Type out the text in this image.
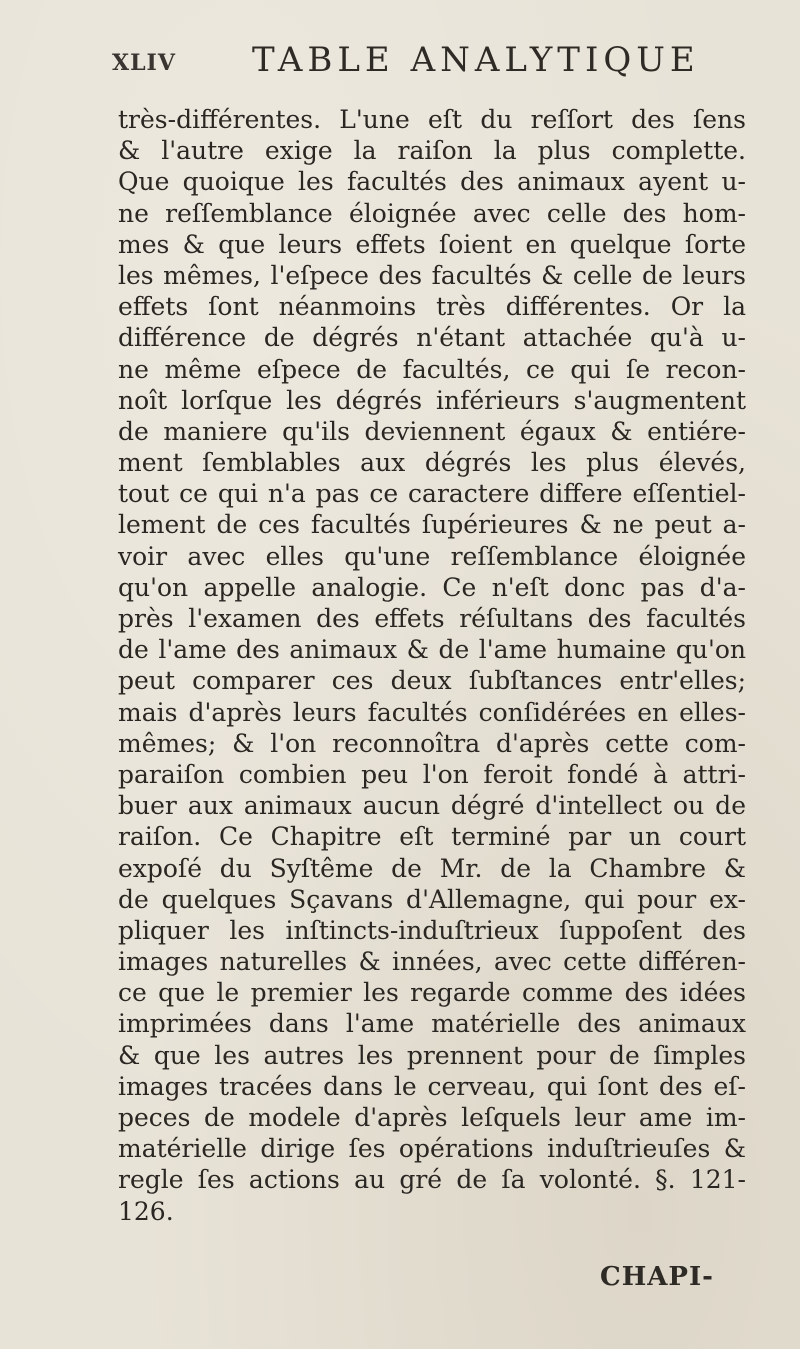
XLIV TABLE ANALYTIQUE
très-différentes. L'une eſt du reſſort des ſens
& l'autre exige la raiſon la plus complette.
Que quoique les facultés des animaux ayent u-
ne reſſemblance éloignée avec celle des hom-
mes & que leurs effets ſoient en quelque ſorte
les mêmes, l'eſpece des facultés & celle de leurs
effets ſont néanmoins très différentes. Or la
différence de dégrés n'étant attachée qu'à u-
ne même eſpece de facultés, ce qui ſe recon-
noît lorſque les dégrés inférieurs s'augmentent
de maniere qu'ils deviennent égaux & entiére-
ment ſemblables aux dégrés les plus élevés,
tout ce qui n'a pas ce caractere differe eſſentiel-
lement de ces facultés ſupérieures & ne peut a-
voir avec elles qu'une reſſemblance éloignée
qu'on appelle analogie. Ce n'eſt donc pas d'a-
près l'examen des effets réſultans des facultés
de l'ame des animaux & de l'ame humaine qu'on
peut comparer ces deux ſubſtances entr'elles;
mais d'après leurs facultés conſidérées en elles-
mêmes; & l'on reconnoîtra d'après cette com-
paraiſon combien peu l'on feroit fondé à attri-
buer aux animaux aucun dégré d'intellect ou de
raiſon. Ce Chapitre eſt terminé par un court
expoſé du Syſtême de Mr. de la Chambre &
de quelques Sçavans d'Allemagne, qui pour ex-
pliquer les inſtincts-induſtrieux ſuppoſent des
images naturelles & innées, avec cette différen-
ce que le premier les regarde comme des idées
imprimées dans l'ame matérielle des animaux
& que les autres les prennent pour de ſimples
images tracées dans le cerveau, qui ſont des eſ-
peces de modele d'après leſquels leur ame im-
matérielle dirige ſes opérations induſtrieuſes &
regle ſes actions au gré de ſa volonté. §. 121-
126.
CHAPI-
